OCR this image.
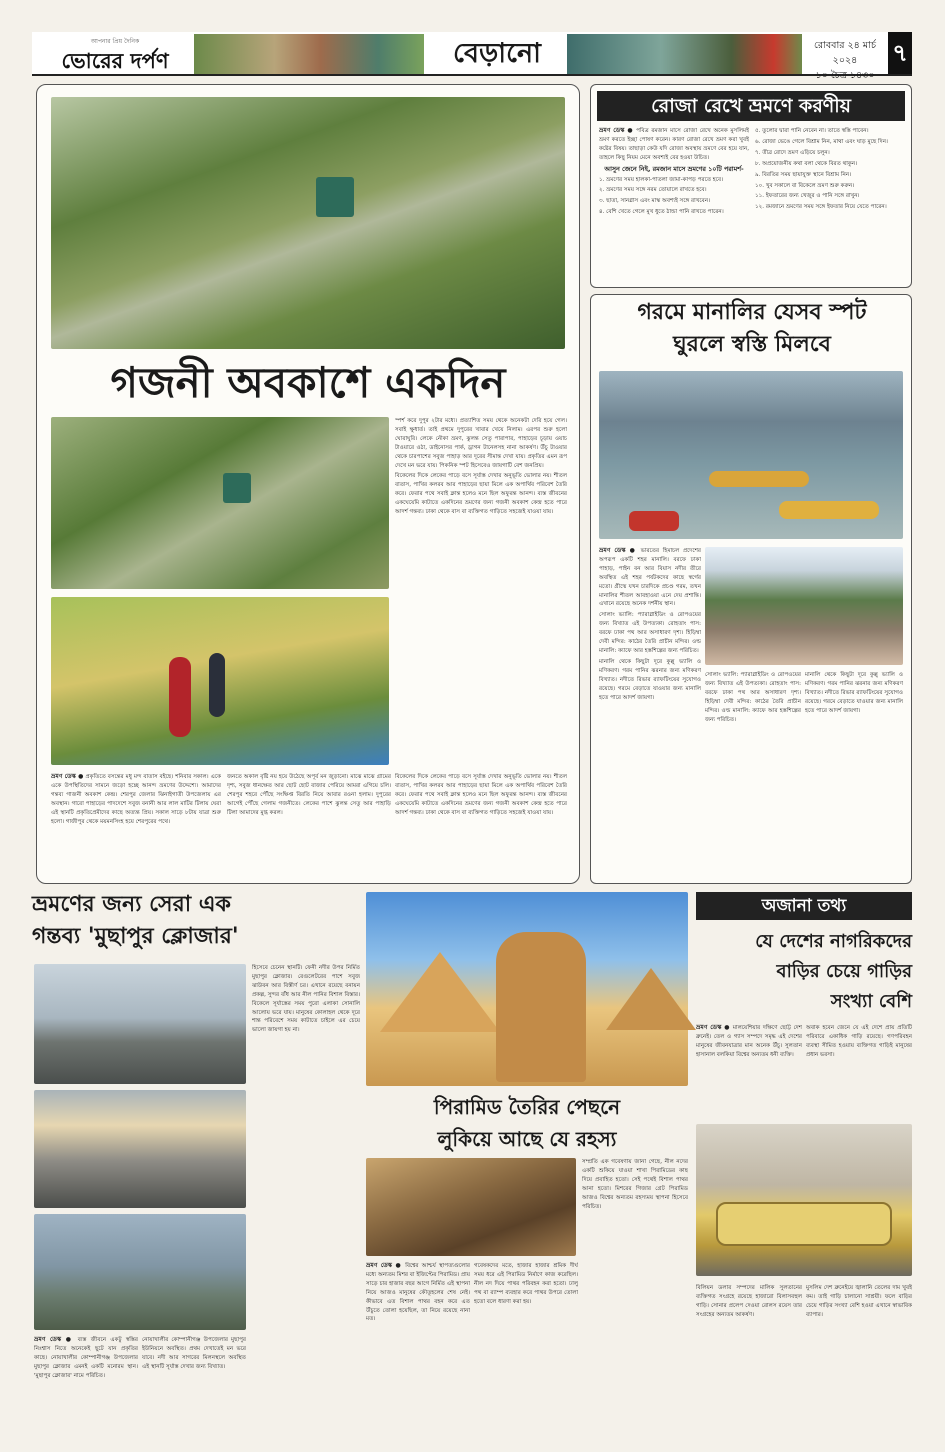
আপনার প্রিয় দৈনিক
ভোরের দর্পণ	বেড়ানো	রোববার ২৪ মার্চ ২০২৪
১০ চৈত্র ১৪৩০
৭
গজনী অবকাশে একদিন

ভ্রমণ ডেস্ক ● প্রকৃতিতে বসন্তের মধু মন্দ বাতাস বইছে। শনিবার সকাল। একে একে উপস্থিতিদের সামনে জড়ো হচ্ছে আনন্দ ভ্রমণের উদ্দেশ্যে। আমাদের গন্তব্য গাজনী অবকাশ কেন্দ্র। শেরপুর জেলার ঝিনাইগাতী উপজেলায় এর অবস্থান। গারো পাহাড়ের পাদদেশে সবুজ বনানী আর লাল মাটির টিলায় ঘেরা এই স্থানটি প্রকৃতিপ্রেমীদের কাছে অত্যন্ত প্রিয়। সকাল সাড়ে ৮টায় যাত্রা শুরু হলো। গাজীপুর থেকে ময়মনসিংহ হয়ে শেরপুরের পথে।

জনতে অকাল বৃষ্টি নয় হয়ে উঠেছে অপূর্ব মন জুড়ানো। মাঝে মাঝে গ্রামের দৃশ্য, সবুজ ধানক্ষেত আর ছোট ছোট বাজার পেরিয়ে আমরা এগিয়ে চলি। শেরপুর শহরে পৌঁছে সংক্ষিপ্ত বিরতি নিয়ে আবার রওনা হলাম। দুপুরের আগেই পৌঁছে গেলাম গজনীতে। লেকের পাশে ঝুলন্ত সেতু আর পাহাড়ি টিলা আমাদের মুগ্ধ করল।

স্পর্শ করে দুপুর ২টার মধ্যে। প্রত্যাশিত সময় থেকে অনেকটা দেরি হয়ে গেল। সবাই ক্ষুধার্ত। তাই প্রথমে দুপুরের খাবার খেয়ে নিলাম। এরপর শুরু হলো ঘোরাঘুরি। লেকে নৌকা ভ্রমণ, ঝুলন্ত সেতু পারাপার, পাহাড়ের চূড়ায় ওয়াচ টাওয়ারে ওঠা, ডাইনোসর পার্ক, ড্রাগন টানেলসহ নানা আকর্ষণ। উঁচু টাওয়ার থেকে চারপাশের সবুজ পাহাড় আর দূরের সীমান্ত দেখা যায়। প্রকৃতির এমন রূপ দেখে মন ভরে যায়। পিকনিক স্পট হিসেবেও জায়গাটি বেশ জনপ্রিয়।

বিকেলের দিকে লেকের পাড়ে বসে সূর্যাস্ত দেখার অনুভূতি ভোলার নয়। শীতল বাতাস, পাখির কলরব আর পাহাড়ের ছায়া মিলে এক অপার্থিব পরিবেশ তৈরি করে। ফেরার পথে সবাই ক্লান্ত হলেও মনে ছিল অফুরন্ত আনন্দ। ব্যস্ত জীবনের একঘেয়েমি কাটাতে একদিনের ভ্রমণের জন্য গজনী অবকাশ কেন্দ্র হতে পারে আদর্শ গন্তব্য। ঢাকা থেকে বাস বা ব্যক্তিগত গাড়িতে সহজেই যাওয়া যায়।

বিকেলের দিকে লেকের পাড়ে বসে সূর্যাস্ত দেখার অনুভূতি ভোলার নয়। শীতল বাতাস, পাখির কলরব আর পাহাড়ের ছায়া মিলে এক অপার্থিব পরিবেশ তৈরি করে। ফেরার পথে সবাই ক্লান্ত হলেও মনে ছিল অফুরন্ত আনন্দ। ব্যস্ত জীবনের একঘেয়েমি কাটাতে একদিনের ভ্রমণের জন্য গজনী অবকাশ কেন্দ্র হতে পারে আদর্শ গন্তব্য। ঢাকা থেকে বাস বা ব্যক্তিগত গাড়িতে সহজেই যাওয়া যায়।

রোজা রেখে ভ্রমণে করণীয়

ভ্রমণ ডেস্ক ● পবিত্র রমজান মাসে রোজা রেখে অনেক মুসলিমই ভ্রমণ করতে ইচ্ছা পোষণ করেন। কারণ রোজা রেখে ভ্রমণ করা খুবই কষ্টের বিষয়। তাছাড়া কেউ যদি রোজা অবস্থায় ভ্রমণে বের হয়ে যান, তাহলে কিছু নিয়ম মেনে অবশ্যই বের হওয়া উচিত।

আসুন জেনে নিই, রমজান মাসে ভ্রমণের ১০টি পরামর্শ-

১. ভ্রমণের সময় হালকা-পাতলা জামা-কাপড় পরতে হবে।

২. ভ্রমণের সময় সঙ্গে নরম তোয়ালে রাখতে হবে।

৩. ছাতা, সানগ্লাস এবং মাস্ক অবশ্যই সঙ্গে রাখবেন।

৪. বেশি খেতে গেলে মুখ ধুতে ঠান্ডা পানি রাখতে পারেন।

৫. তুলোর দ্বারা পানি নেবেন না। তাতে স্বস্তি পাবেন।

৬. রোজা ভেঙে গেলে বিশ্রাম নিন, মাথা এবং ঘাড় মুছে দিন।

৭. তীব্র রোদে ভ্রমণ এড়িয়ে চলুন।

৮. অপ্রয়োজনীয় কথা বলা থেকে বিরত থাকুন।

৯. বিরতির সময় ছায়াযুক্ত স্থানে বিশ্রাম নিন।

১০. খুব সকালে বা বিকেলে ভ্রমণ শুরু করুন।

১১. ইফতারের জন্য খেজুর ও পানি সঙ্গে রাখুন।

১২. রমজানে ভ্রমণের সময় সঙ্গে ইফতার নিয়ে যেতে পারেন।

গরমে মানালির যেসব স্পট
ঘুরলে স্বস্তি মিলবে

ভ্রমণ ডেস্ক ● ভারতের হিমাচল প্রদেশের অপরূপ একটি শহর মানালি। বরফে ঢাকা পাহাড়, পাইন বন আর বিয়াস নদীর তীরে অবস্থিত এই শহর পর্যটকদের কাছে স্বর্গের মতো। গ্রীষ্মে যখন চারদিকে প্রচণ্ড গরম, তখন মানালির শীতল আবহাওয়া এনে দেয় প্রশান্তি। এখানে রয়েছে অনেক দর্শনীয় স্থান।

সোলাং ভ্যালি: প্যারাগ্লাইডিং ও রোপওয়ের জন্য বিখ্যাত এই উপত্যকা। রোহতাং পাস: বরফে ঢাকা পথ আর অসাধারণ দৃশ্য। হিড়িম্বা দেবী মন্দির: কাঠের তৈরি প্রাচীন মন্দির। ওল্ড মানালি: ক্যাফে আর হস্তশিল্পের জন্য পরিচিত।

মানালি থেকে কিছুটা দূরে কুল্লু ভ্যালি ও মণিকরণ। গরম পানির ঝরনার জন্য মণিকরণ বিখ্যাত। নদীতে রিভার র‍্যাফটিংয়ের সুযোগও রয়েছে। গরমে বেড়াতে যাওয়ার জন্য মানালি হতে পারে আদর্শ জায়গা।

সোলাং ভ্যালি: প্যারাগ্লাইডিং ও রোপওয়ের জন্য বিখ্যাত এই উপত্যকা। রোহতাং পাস: বরফে ঢাকা পথ আর অসাধারণ দৃশ্য। হিড়িম্বা দেবী মন্দির: কাঠের তৈরি প্রাচীন মন্দির। ওল্ড মানালি: ক্যাফে আর হস্তশিল্পের জন্য পরিচিত।

মানালি থেকে কিছুটা দূরে কুল্লু ভ্যালি ও মণিকরণ। গরম পানির ঝরনার জন্য মণিকরণ বিখ্যাত। নদীতে রিভার র‍্যাফটিংয়ের সুযোগও রয়েছে। গরমে বেড়াতে যাওয়ার জন্য মানালি হতে পারে আদর্শ জায়গা।

ভ্রমণের জন্য সেরা এক
গন্তব্য 'মুছাপুর ক্লোজার'

হিসেবে চেনেন স্থানটি। ফেনী নদীর উপর নির্মিত মুছাপুর ক্লোজার। রেগুলেটরের পাশে সবুজ ঝাউবন আর বিস্তীর্ণ চর। এখানে রয়েছে বনায়ন প্রকল্প, সুন্দর বাঁধ আর নীল পানির বিশাল বিস্তার। বিকেলে সূর্যাস্তের সময় পুরো এলাকা সোনালি আলোয় ভরে যায়। মানুষের কোলাহল থেকে দূরে শান্ত পরিবেশে সময় কাটাতে চাইলে এর চেয়ে ভালো জায়গা হয় না।

ভ্রমণ ডেস্ক ● ব্যস্ত জীবনে একটু স্বস্তির নিঃশ্বাস নিতে অনেকেই ছুটে যান প্রকৃতির কাছে। নোয়াখালীর কোম্পানীগঞ্জ উপজেলার মুছাপুর ক্লোজার এমনই একটি মনোরম স্থান। 'মুছাপুর ক্লোজার' নামে পরিচিত।

নোয়াখালীর কোম্পানীগঞ্জ উপজেলার মুছাপুর ইউনিয়নে অবস্থিত। প্রথম দেখাতেই মন ভরে যাবে। নদী আর সাগরের মিলনস্থলে অবস্থিত এই স্থানটি সূর্যাস্ত দেখার জন্য বিখ্যাত।

পিরামিড তৈরির পেছনে
লুকিয়ে আছে যে রহস্য

ভ্রমণ ডেস্ক ● বিশ্বের আশ্চর্য স্থাপত্যগুলোর মধ্যে অন্যতম মিশর বা ইজিপ্টের পিরামিড। প্রায় সাড়ে চার হাজার বছর আগে নির্মিত এই স্থাপনা নিয়ে আজও মানুষের কৌতূহলের শেষ নেই। কীভাবে এত বিশাল পাথর বহন করে এত উঁচুতে তোলা হয়েছিল, তা নিয়ে রয়েছে নানা মত।

গবেষকদের মতে, হাজার হাজার শ্রমিক দীর্ঘ সময় ধরে এই পিরামিড নির্মাণে কাজ করেছিল। নীল নদ দিয়ে পাথর পরিবহন করা হতো। ঢালু পথ বা র‍্যাম্প ব্যবহার করে পাথর উপরে তোলা হতো বলে ধারণা করা হয়।

সম্প্রতি এক গবেষণায় জানা গেছে, নীল নদের একটি শুকিয়ে যাওয়া শাখা পিরামিডের কাছ দিয়ে প্রবাহিত হতো। সেই পথেই বিশাল পাথর আনা হতো। মিশরের গিজার গ্রেট পিরামিড আজও বিশ্বের অন্যতম রহস্যময় স্থাপনা হিসেবে পরিচিত।

অজানা তথ্য
যে দেশের নাগরিকদের
বাড়ির চেয়ে গাড়ির
সংখ্যা বেশি

ভ্রমণ ডেস্ক ● মালয়েশিয়ার দক্ষিণে ছোট্ট দেশ ব্রুনেই। তেল ও গ্যাস সম্পদে সমৃদ্ধ এই দেশের মানুষের জীবনযাত্রার মান অনেক উঁচু। সুলতান হাসানাল বলকিয়া বিশ্বের অন্যতম ধনী ব্যক্তি।

অবাক হবেন জেনে যে এই দেশে প্রায় প্রতিটি পরিবারে একাধিক গাড়ি রয়েছে। গণপরিবহন ব্যবস্থা সীমিত হওয়ায় ব্যক্তিগত গাড়িই মানুষের প্রধান ভরসা।

বিলিয়ন ডলার সম্পদের মালিক সুলতানের ব্যক্তিগত সংগ্রহে রয়েছে হাজারো বিলাসবহুল গাড়ি। সোনার প্রলেপ দেওয়া রোলস রয়েস তার সংগ্রহের অন্যতম আকর্ষণ।

মুসলিম দেশ ব্রুনেইয়ে জ্বালানি তেলের দাম খুবই কম। তাই গাড়ি চালানো সাশ্রয়ী। ফলে বাড়ির চেয়ে গাড়ির সংখ্যা বেশি হওয়া এখানে স্বাভাবিক ব্যাপার।
